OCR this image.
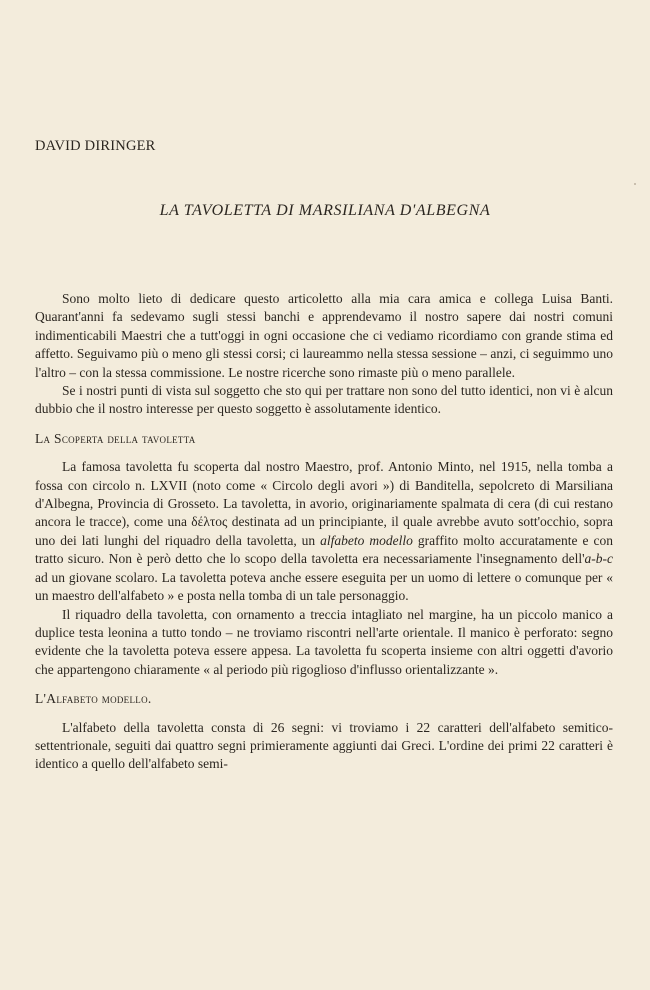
DAVID DIRINGER
LA TAVOLETTA DI MARSILIANA D'ALBEGNA

Sono molto lieto di dedicare questo articoletto alla mia cara amica e collega Luisa Banti. Quarant'anni fa sedevamo sugli stessi banchi e apprendevamo il nostro sapere dai nostri comuni indimenticabili Maestri che a tutt'oggi in ogni occasione che ci vediamo ricordiamo con grande stima ed affetto. Seguivamo più o meno gli stessi corsi; ci laureammo nella stessa sessione – anzi, ci seguimmo uno l'altro – con la stessa commissione. Le nostre ricerche sono rimaste più o meno parallele.

Se i nostri punti di vista sul soggetto che sto qui per trattare non sono del tutto identici, non vi è alcun dubbio che il nostro interesse per questo soggetto è assolutamente identico.

La Scoperta della tavoletta

La famosa tavoletta fu scoperta dal nostro Maestro, prof. Antonio Minto, nel 1915, nella tomba a fossa con circolo n. LXVII (noto come « Circolo degli avori ») di Banditella, sepolcreto di Marsiliana d'Albegna, Provincia di Grosseto. La tavoletta, in avorio, originariamente spalmata di cera (di cui restano ancora le tracce), come una δέλτος destinata ad un principiante, il quale avrebbe avuto sott'occhio, sopra uno dei lati lunghi del riquadro della tavoletta, un alfabeto modello graffito molto accuratamente e con tratto sicuro. Non è però detto che lo scopo della tavoletta era necessariamente l'insegnamento dell'a-b-c ad un giovane scolaro. La tavoletta poteva anche essere eseguita per un uomo di lettere o comunque per « un maestro dell'alfabeto » e posta nella tomba di un tale personaggio.

Il riquadro della tavoletta, con ornamento a treccia intagliato nel margine, ha un piccolo manico a duplice testa leonina a tutto tondo – ne troviamo riscontri nell'arte orientale. Il manico è perforato: segno evidente che la tavoletta poteva essere appesa. La tavoletta fu scoperta insieme con altri oggetti d'avorio che appartengono chiaramente « al periodo più rigoglioso d'influsso orientalizzante ».

L'Alfabeto modello.

L'alfabeto della tavoletta consta di 26 segni: vi troviamo i 22 caratteri dell'alfabeto semitico-settentrionale, seguiti dai quattro segni primieramente aggiunti dai Greci. L'ordine dei primi 22 caratteri è identico a quello dell'alfabeto semi-
